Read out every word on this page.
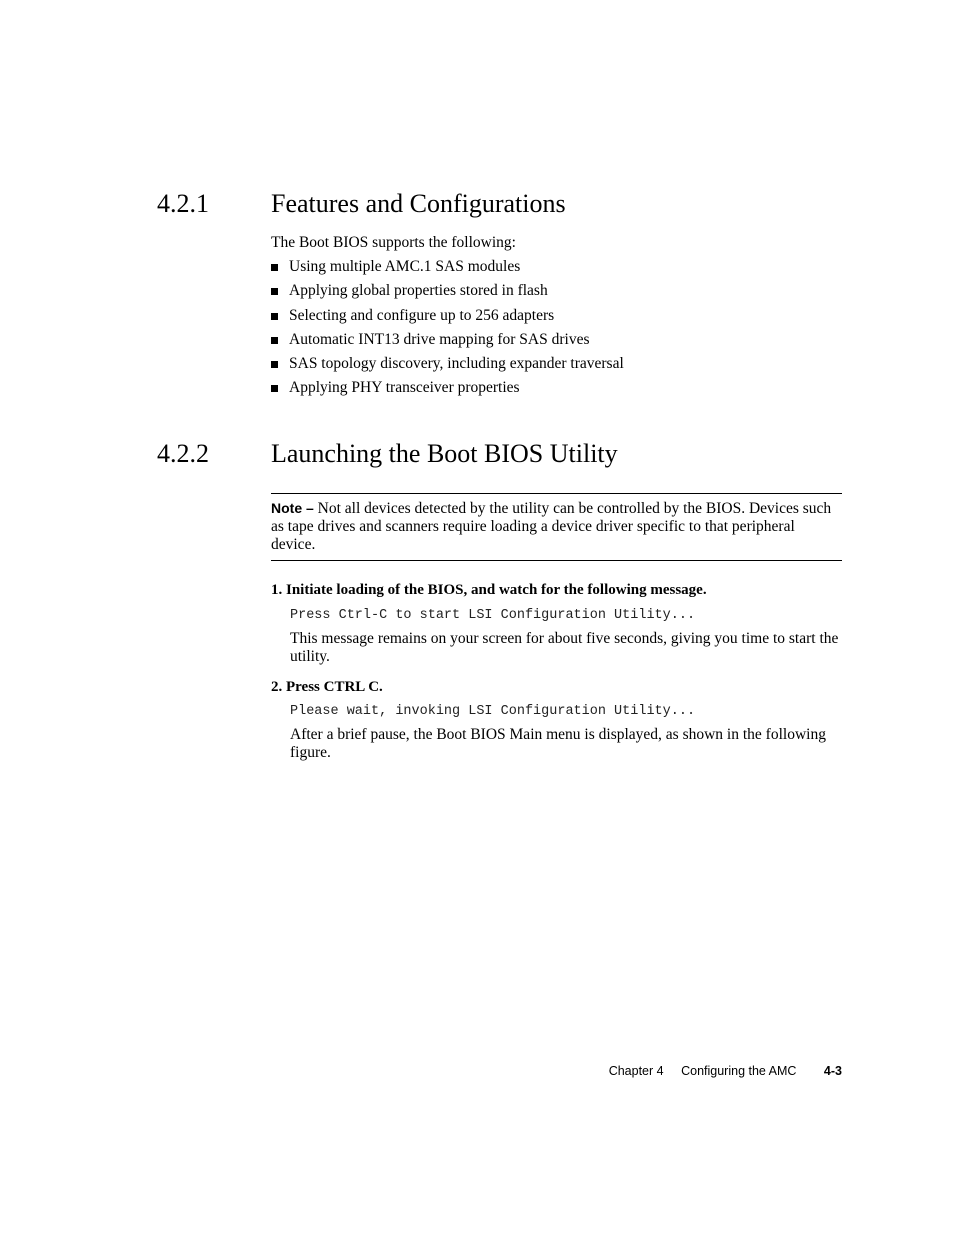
4.2.1 Features and Configurations
The Boot BIOS supports the following:
Using multiple AMC.1 SAS modules
Applying global properties stored in flash
Selecting and configure up to 256 adapters
Automatic INT13 drive mapping for SAS drives
SAS topology discovery, including expander traversal
Applying PHY transceiver properties
4.2.2 Launching the Boot BIOS Utility
Note – Not all devices detected by the utility can be controlled by the BIOS. Devices such as tape drives and scanners require loading a device driver specific to that peripheral device.
1. Initiate loading of the BIOS, and watch for the following message.
Press Ctrl-C to start LSI Configuration Utility...
This message remains on your screen for about five seconds, giving you time to start the utility.
2. Press CTRL C.
Please wait, invoking LSI Configuration Utility...
After a brief pause, the Boot BIOS Main menu is displayed, as shown in the following figure.
Chapter 4 Configuring the AMC 4-3
